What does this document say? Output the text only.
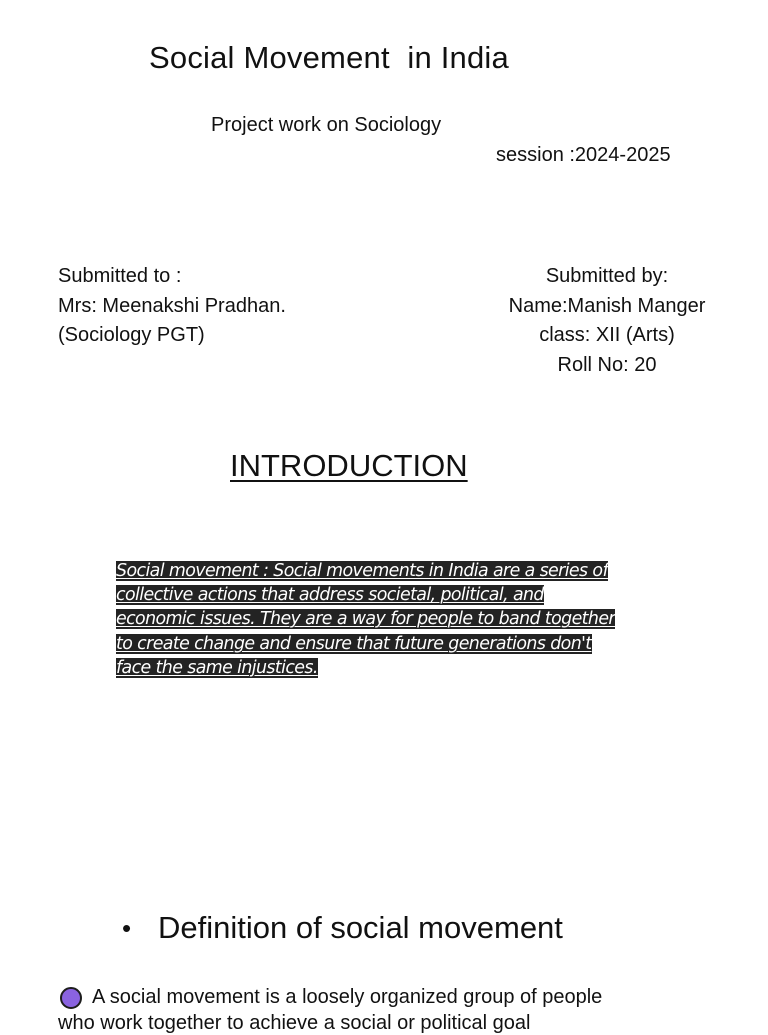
Social Movement  in India
Project work on Sociology
session :2024-2025
Submitted to :
Mrs: Meenakshi Pradhan.
(Sociology PGT)
Submitted by:
Name:Manish Manger
class: XII (Arts)
Roll No: 20
INTRODUCTION
Social movement : Social movements in India are a series of collective actions that address societal, political, and economic issues. They are a way for people to band together to create change and ensure that future generations don't face the same injustices.
• Definition of social movement
A social movement is a loosely organized group of people
who work together to achieve a social or political goal
